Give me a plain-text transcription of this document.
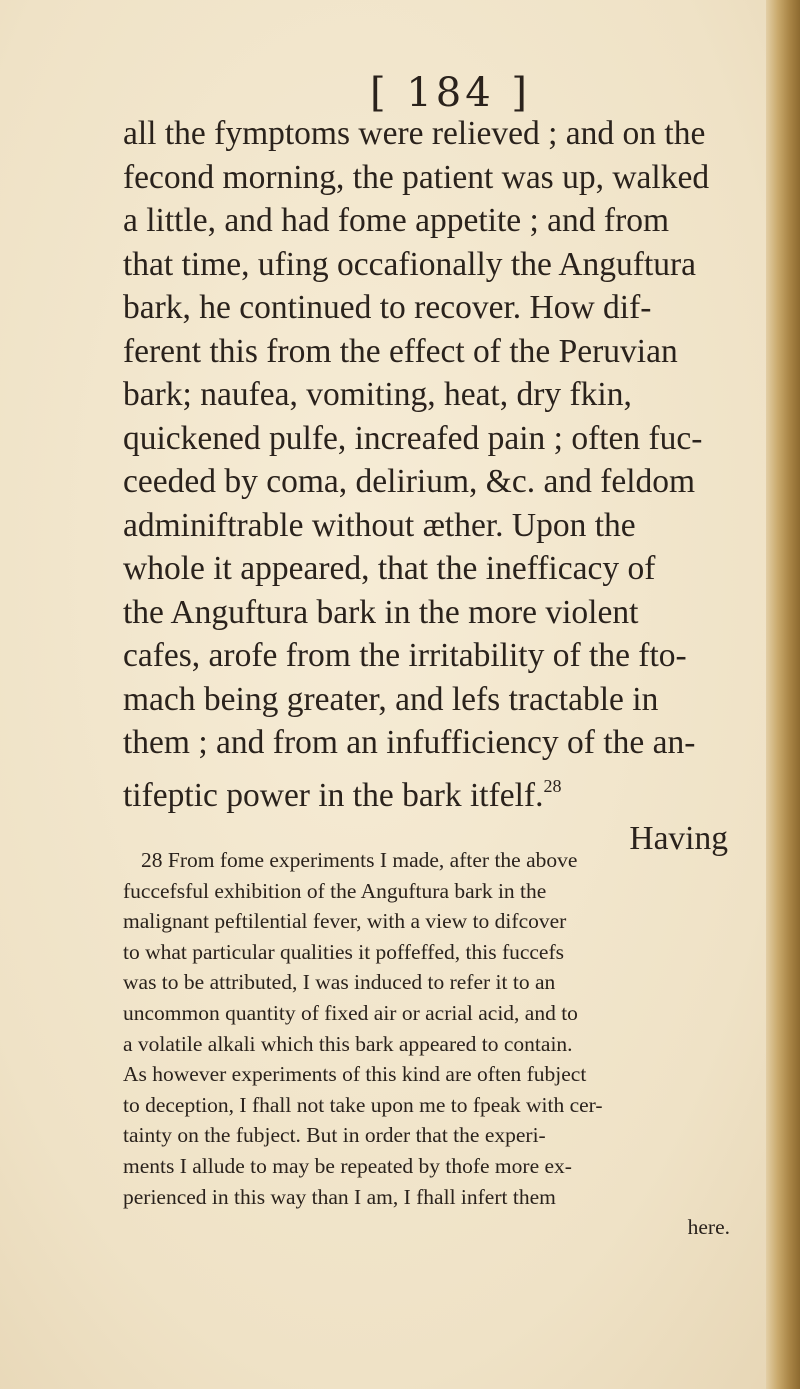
[ 184 ]
all the fymptoms were relieved ; and on the
fecond morning, the patient was up, walked
a little, and had fome appetite ; and from
that time, ufing occafionally the Anguftura
bark, he continued to recover. How dif-
ferent this from the effect of the Peruvian
bark; naufea, vomiting, heat, dry fkin,
quickened pulfe, increafed pain ; often fuc-
ceeded by coma, delirium, &c. and feldom
adminiftrable without æther. Upon the
whole it appeared, that the inefficacy of
the Anguftura bark in the more violent
cafes, arofe from the irritability of the fto-
mach being greater, and lefs tractable in
them ; and from an infufficiency of the an-
tifeptic power in the bark itfelf.$^{28}$
Having
28 From fome experiments I made, after the above
fuccefsful exhibition of the Anguftura bark in the
malignant peftilential fever, with a view to difcover
to what particular qualities it poffeffed, this fuccefs
was to be attributed, I was induced to refer it to an
uncommon quantity of fixed air or acrial acid, and to
a volatile alkali which this bark appeared to contain.
As however experiments of this kind are often fubject
to deception, I fhall not take upon me to fpeak with cer-
tainty on the fubject. But in order that the experi-
ments I allude to may be repeated by thofe more ex-
perienced in this way than I am, I fhall infert them
here.
